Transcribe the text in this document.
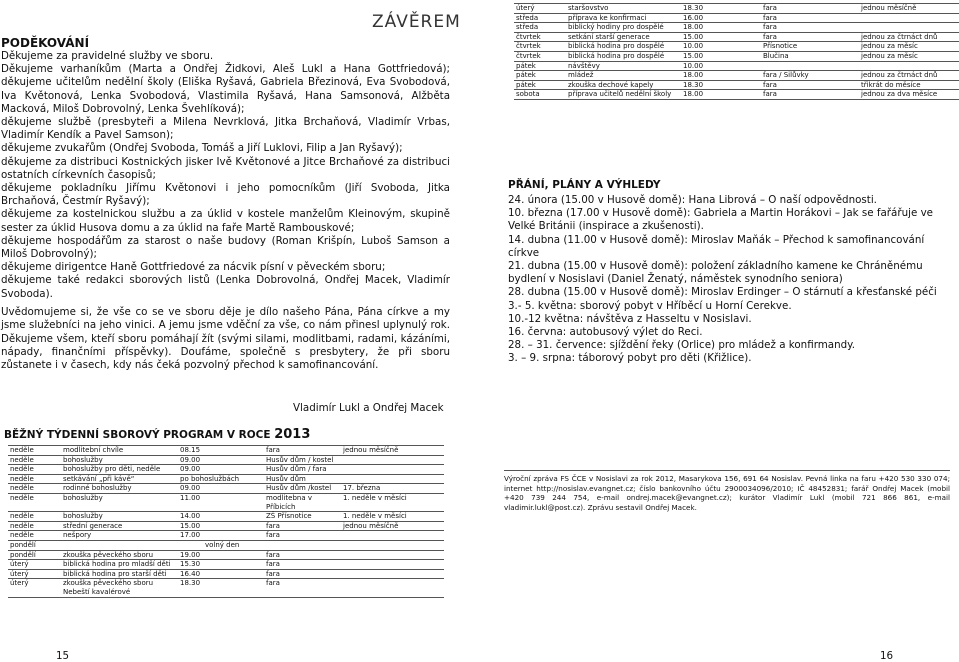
ZÁVĚREM
PODĚKOVÁNÍ

Děkujeme za pravidelné služby ve sboru.

Děkujeme varhaníkům (Marta a Ondřej Židkovi, Aleš Lukl a Hana Gottfriedová); děkujeme učitelům nedělní školy (Eliška Ryšavá, Gabriela Březinová, Eva Svobodová, Iva Květonová, Lenka Svobodová, Vlastimila Ryšavá, Hana Samsonová, Alžběta Macková, Miloš Dobrovolný, Lenka Švehlíková);

děkujeme službě (presbyteři a Milena Nevrklová, Jitka Brchaňová, Vladimír Vrbas, Vladimír Kendík a Pavel Samson);

děkujeme zvukařům (Ondřej Svoboda, Tomáš a Jiří Luklovi, Filip a Jan Ryšavý);

děkujeme za distribuci Kostnických jisker Ivě Květonové a Jitce Brchaňové za distribuci ostatních církevních časopisů;

děkujeme pokladníku Jiřímu Květonovi i jeho pomocníkům (Jiří Svoboda, Jitka Brchaňová, Čestmír Ryšavý);

děkujeme za kostelnickou službu a za úklid v kostele manželům Kleinovým, skupině sester za úklid Husova domu a za úklid na faře Martě Rambouskové;

děkujeme hospodářům za starost o naše budovy (Roman Krišpín, Luboš Samson a Miloš Dobrovolný);

děkujeme dirigentce Haně Gottfriedové za nácvik písní v pěveckém sboru;

děkujeme také redakci sborových listů (Lenka Dobrovolná, Ondřej Macek, Vladimír Svoboda).

Uvědomujeme si, že vše co se ve sboru děje je dílo našeho Pána, Pána církve a my jsme služebníci na jeho vinici. A jemu jsme vděční za vše, co nám přinesl uplynulý rok. Děkujeme všem, kteří sboru pomáhají žít (svými silami, modlitbami, radami, kázáními, nápady, finančními příspěvky). Doufáme, společně s presbytery, že při sboru zůstanete i v časech, kdy nás čeká pozvolný přechod k samofinancování.
Vladimír Lukl a Ondřej Macek
BĚŽNÝ TÝDENNÍ SBOROVÝ PROGRAM V ROCE 2013
neděle	modlitební chvíle	08.15	fara	jednou měsíčně
neděle	bohoslužby	09.00	Husův dům / kostel	
neděle	bohoslužby pro děti, neděle	09.00	Husův dům / fara	
neděle	setkávání „při kávě“	po bohoslužbách	Husův dům	
neděle	rodinné bohoslužby	09.00	Husův dům /kostel	17. března
neděle	bohoslužby	11.00	modlitebna v Příbicích	1. neděle v měsíci
neděle	bohoslužby	14.00	ZŠ Přísnotice	1. neděle v měsíci
neděle	střední generace	15.00	fara	jednou měsíčně
neděle	nešpory	17.00	fara	
pondělí	volný den			
pondělí	zkouška pěveckého sboru	19.00	fara	
úterý	biblická hodina pro mladší děti	15.30	fara	
úterý	biblická hodina pro starší děti	16.40	fara	
úterý	zkouška pěveckého sboru Nebeští kavalérové	18.30	fara	
15
úterý	staršovstvo	18.30	fara	jednou měsíčně
středa	příprava ke konfirmaci	16.00	fara	
středa	biblický hodiny pro dospělé	18.00	fara	
čtvrtek	setkání starší generace	15.00	fara	jednou za čtrnáct dnů
čtvrtek	biblická hodina pro dospělé	10.00	Přísnotice	jednou za měsíc
čtvrtek	biblická hodina pro dospělé	15.00	Blučina	jednou za měsíc
pátek	návštěvy	10.00		
pátek	mládež	18.00	fara / Silůvky	jednou za čtrnáct dnů
pátek	zkouška dechové kapely	18.30	fara	třikrát do měsíce
sobota	příprava učitelů nedělní školy	18.00	fara	jednou za dva měsíce
PŘÁNÍ, PLÁNY A VÝHLEDY

24. února (15.00 v Husově domě): Hana Librová – O naší odpovědnosti.

10. března (17.00 v Husově domě): Gabriela a Martin Horákovi – Jak se fařářuje ve Velké Británii (inspirace a zkušenosti).

14. dubna (11.00 v Husově domě): Miroslav Maňák – Přechod k samofinancování církve

21. dubna (15.00 v Husově domě): položení základního kamene ke Chráněnému bydlení v Nosislavi (Daniel Ženatý, náměstek synodního seniora)

28. dubna (15.00 v Husově domě): Miroslav Erdinger – O stárnutí a křesťanské péči

3.- 5. května: sborový pobyt v Hříběcí u Horní Cerekve.

10.-12 května: návštěva z Hasseltu v Nosislavi.

16. června: autobusový výlet do Reci.

28. – 31. července: sjíždění řeky (Orlice) pro mládež a konfirmandy.

3. – 9. srpna: táborový pobyt pro děti (Křižlice).

Výroční zpráva FS ČCE v Nosislavi za rok 2012, Masarykova 156, 691 64 Nosislav. Pevná linka na faru +420 530 330 074; internet http://nosislav.evangnet.cz; číslo bankovního účtu 2900034096/2010; IČ 48452831; farář Ondřej Macek (mobil +420 739 244 754, e-mail ondrej.macek@evangnet.cz); kurátor Vladimír Lukl (mobil 721 866 861, e-mail vladimir.lukl@post.cz). Zprávu sestavil Ondřej Macek.
16
